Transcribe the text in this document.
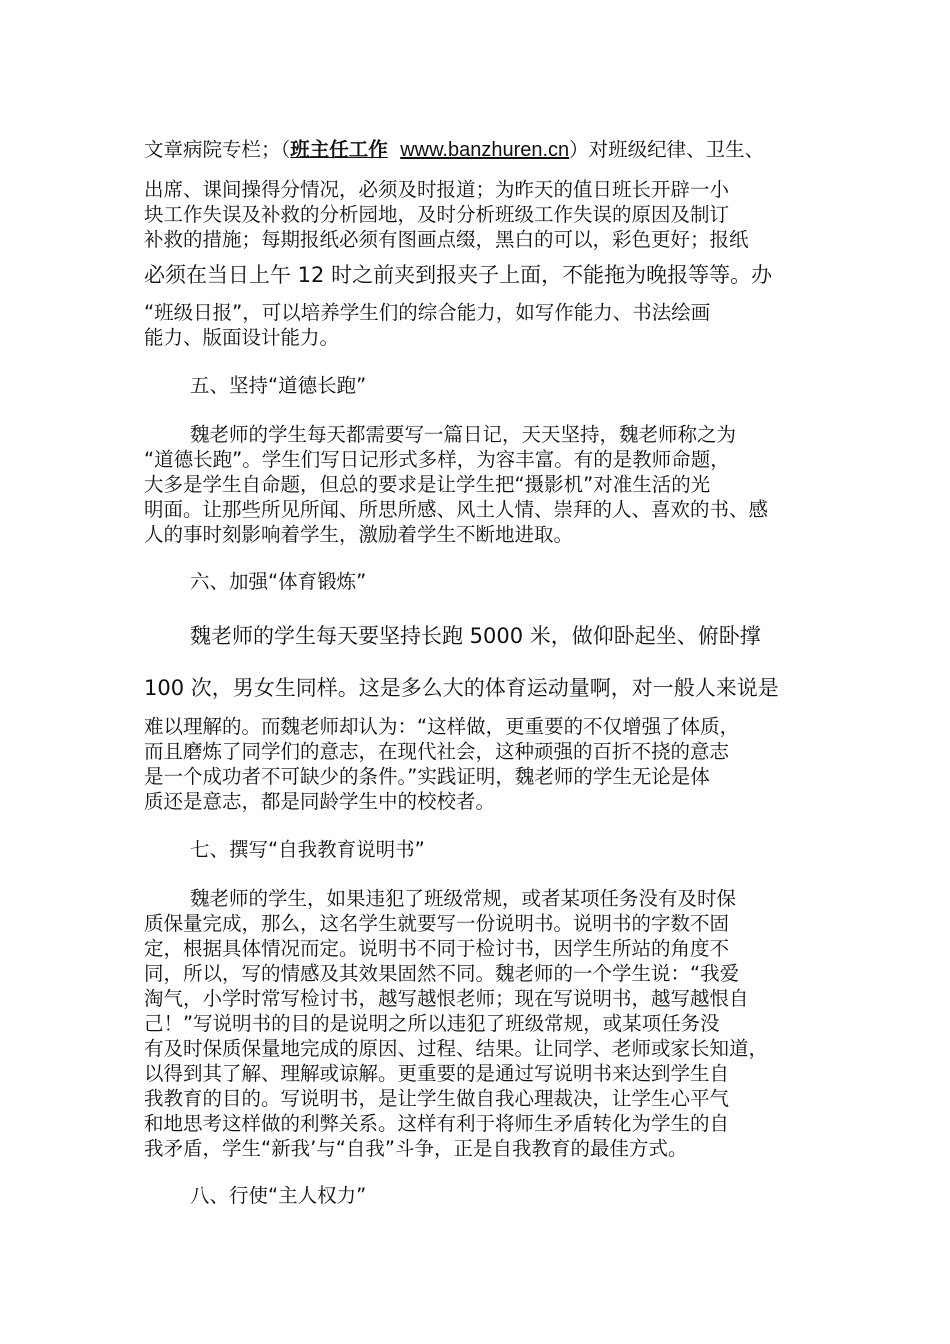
文章病院专栏；（班主任工作 www.banzhuren.cn）对班级纪律、卫生、
出席、课间操得分情况，必须及时报道；为昨天的值日班长开辟一小
块工作失误及补救的分析园地，及时分析班级工作失误的原因及制订
补救的措施；每期报纸必须有图画点缀，黑白的可以，彩色更好；报纸
必须在当日上午 12 时之前夹到报夹子上面，不能拖为晚报等等。办
“班级日报”，可以培养学生们的综合能力，如写作能力、书法绘画
能力、版面设计能力。
五、坚持“道德长跑”
魏老师的学生每天都需要写一篇日记，天天坚持，魏老师称之为
“道德长跑”。学生们写日记形式多样，为容丰富。有的是教师命题，
大多是学生自命题，但总的要求是让学生把“摄影机”对准生活的光
明面。让那些所见所闻、所思所感、风土人情、崇拜的人、喜欢的书、感
人的事时刻影响着学生，激励着学生不断地进取。
六、加强“体育锻炼”
魏老师的学生每天要坚持长跑 5000 米，做仰卧起坐、俯卧撑
100 次，男女生同样。这是多么大的体育运动量啊，对一般人来说是
难以理解的。而魏老师却认为：“这样做，更重要的不仅增强了体质，
而且磨炼了同学们的意志，在现代社会，这种顽强的百折不挠的意志
是一个成功者不可缺少的条件。”实践证明，魏老师的学生无论是体
质还是意志，都是同龄学生中的校校者。
七、撰写“自我教育说明书”
魏老师的学生，如果违犯了班级常规，或者某项任务没有及时保
质保量完成，那么，这名学生就要写一份说明书。说明书的字数不固
定，根据具体情况而定。说明书不同于检讨书，因学生所站的角度不
同，所以，写的情感及其效果固然不同。魏老师的一个学生说：“我爱
淘气，小学时常写检讨书，越写越恨老师；现在写说明书，越写越恨自
己！”写说明书的目的是说明之所以违犯了班级常规，或某项任务没
有及时保质保量地完成的原因、过程、结果。让同学、老师或家长知道，
以得到其了解、理解或谅解。更重要的是通过写说明书来达到学生自
我教育的目的。写说明书，是让学生做自我心理裁决，让学生心平气
和地思考这样做的利弊关系。这样有利于将师生矛盾转化为学生的自
我矛盾，学生“新我’与“自我”斗争，正是自我教育的最佳方式。
八、行使“主人权力”
